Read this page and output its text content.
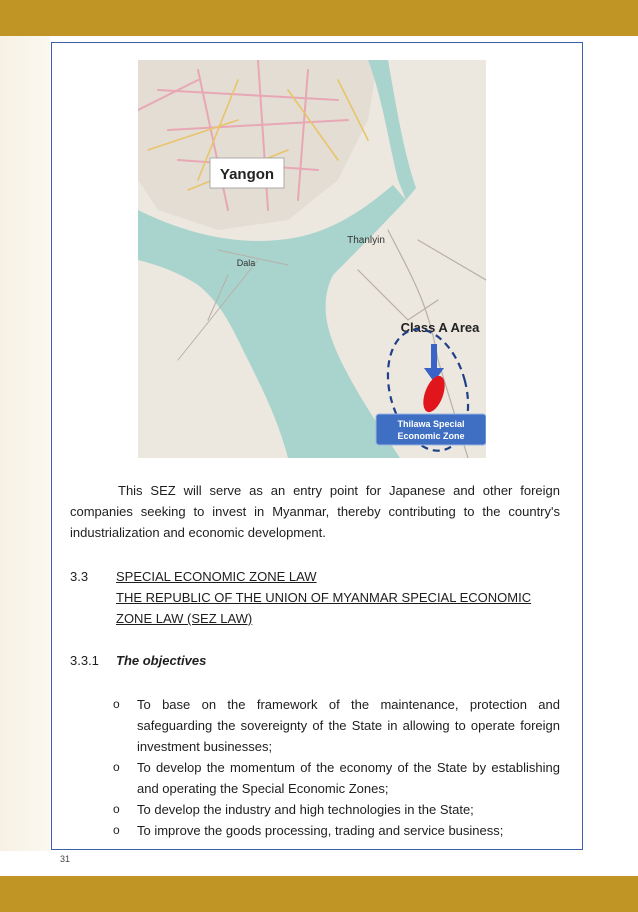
Yangon
Thanlyin
Dala
Class A Area
Thilawa Special
Economic Zone
This SEZ will serve as an entry point for Japanese and other foreign companies seeking to invest in Myanmar, thereby contributing to the country's industrialization and economic development.
3.3 SPECIAL ECONOMIC ZONE LAW
THE REPUBLIC OF THE UNION OF MYANMAR SPECIAL ECONOMIC ZONE LAW (SEZ LAW)
3.3.1 The objectives
o To base on the framework of the maintenance, protection and safeguarding the sovereignty of the State in allowing to operate foreign investment businesses;
o To develop the momentum of the economy of the State by establishing and operating the Special Economic Zones;
o To develop the industry and high technologies in the State;
o To improve the goods processing, trading and service business;
31
